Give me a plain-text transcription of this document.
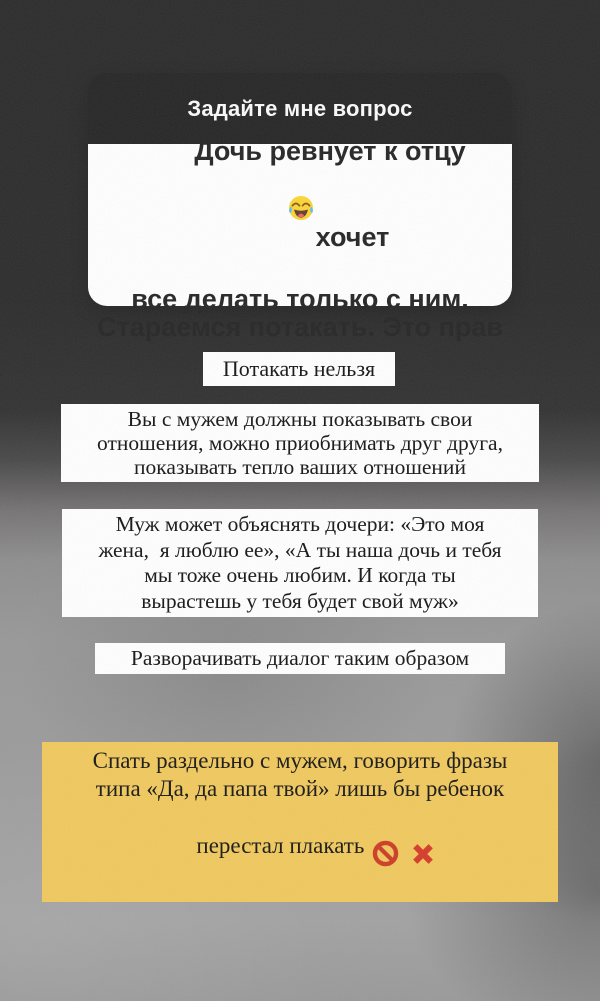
Задайте мне вопрос

Дочь ревнует к отцу

хочет

все делать только с ним.
Стараемся потакать. Это прав
Потакать нельзя
Вы с мужем должны показывать свои
отношения, можно приобнимать друг друга,
показывать тепло ваших отношений
Муж может объяснять дочери: «Это моя
жена,  я люблю ее», «А ты наша дочь и тебя
мы тоже очень любим. И когда ты
вырастешь у тебя будет свой муж»
Разворачивать диалог таким образом
Спать раздельно с мужем, говорить фразы
типа «Да, да папа твой» лишь бы ребенок

перестал плакать
